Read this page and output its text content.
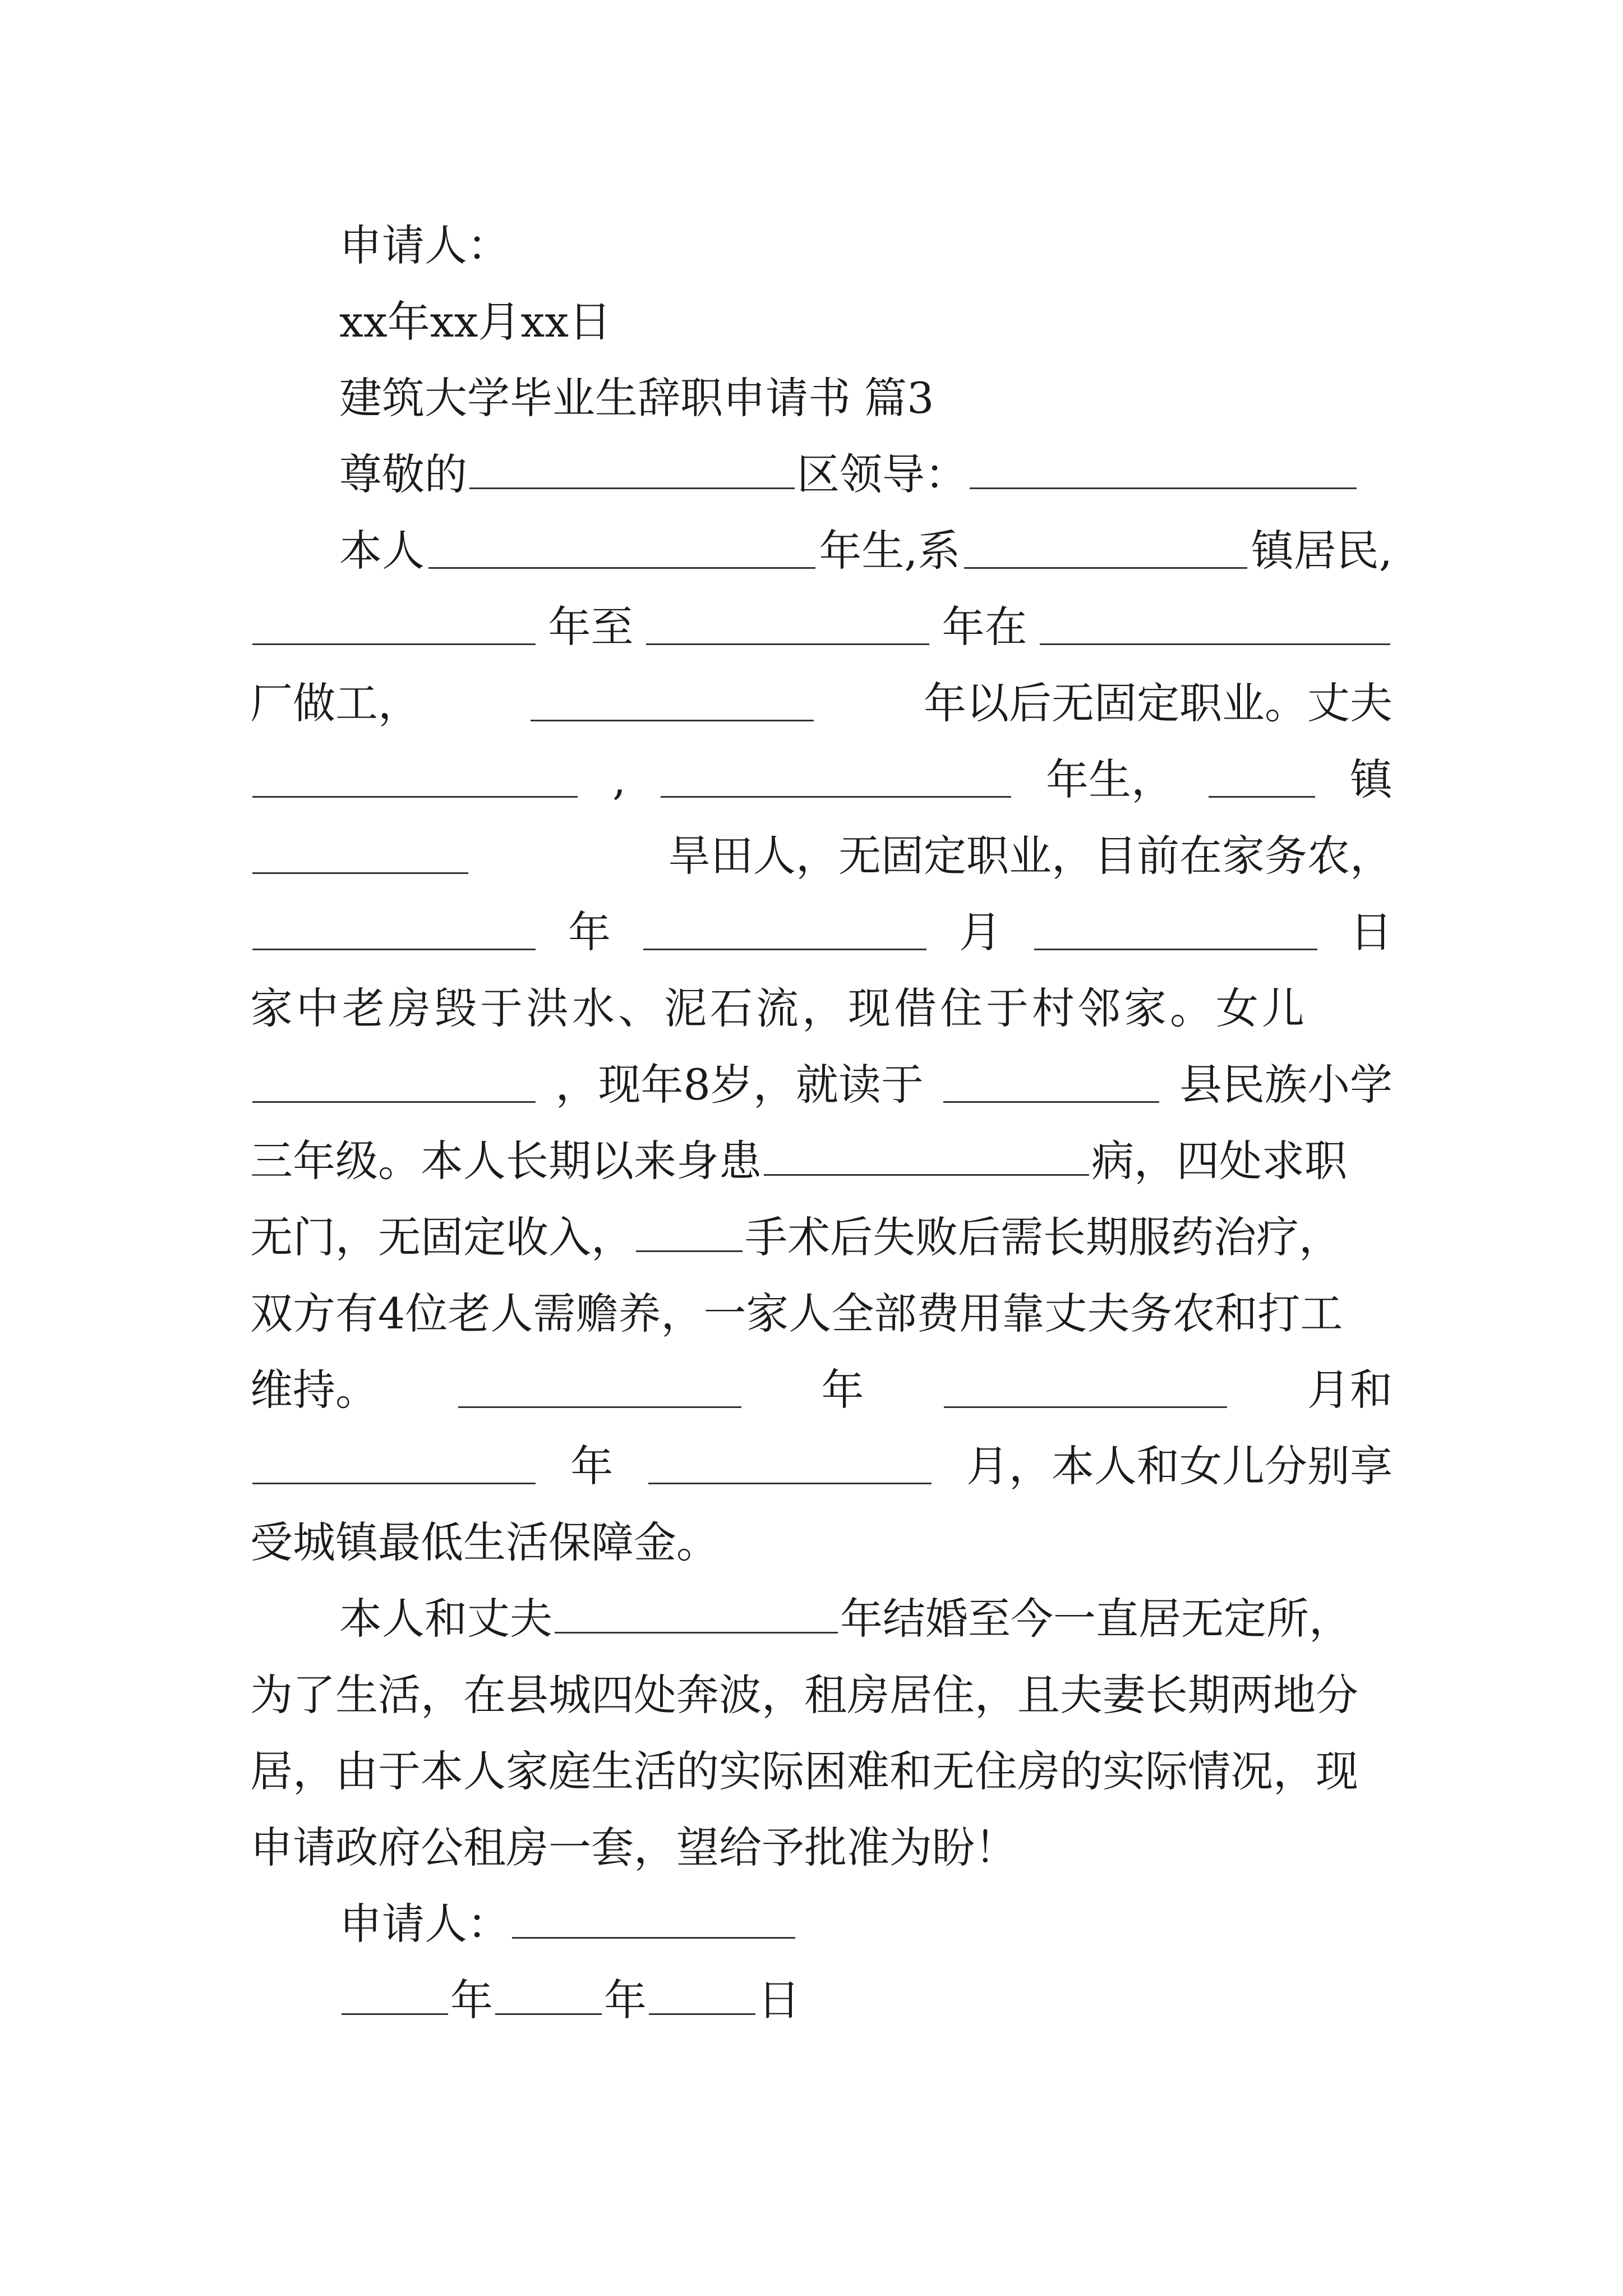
申请人：
xx年xx月xx日
建筑大学毕业生辞职申请书 篇3
尊敬的	区领导：
本人	年生,系	镇居民,
年至	年在
厂做工，	年以后无固定职业。丈夫
,	年生，	镇
旱田人，无固定职业，目前在家务农，
年	月	日
家中老房毁于洪水、泥石流，现借住于村邻家。女儿
，现年8岁，就读于	县民族小学
三年级。本人长期以来身患	病，四处求职
无门，无固定收入，	手术后失败后需长期服药治疗，
双方有4位老人需赡养，一家人全部费用靠丈夫务农和打工
维持。	年	月和
年	月，本人和女儿分别享
受城镇最低生活保障金。
本人和丈夫	年结婚至今一直居无定所，
为了生活，在县城四处奔波，租房居住，且夫妻长期两地分
居，由于本人家庭生活的实际困难和无住房的实际情况，现
申请政府公租房一套，望给予批准为盼！
申请人：
年	年	日
